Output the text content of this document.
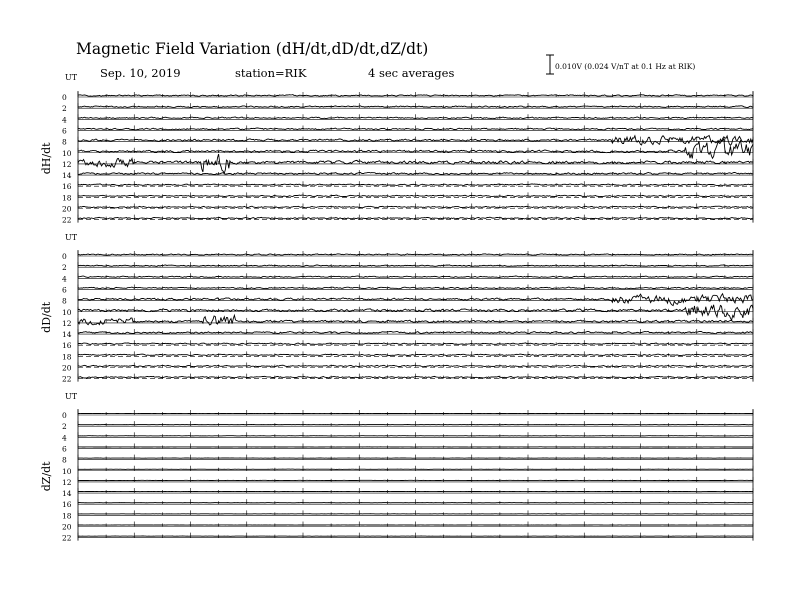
Magnetic Field Variation (dH/dt,dD/dt,dZ/dt)
Sep. 10, 2019	station=RIK	4 sec averages	0.010V (0.024 V/nT at 0.1 Hz at RIK)
UT
dH/dt
0
2
4
6
8
10
12
14
16
18
20
22
UT
dD/dt
0
2
4
6
8
10
12
14
16
18
20
22
UT
dZ/dt
0
2
4
6
8
10
12
14
16
18
20
22
